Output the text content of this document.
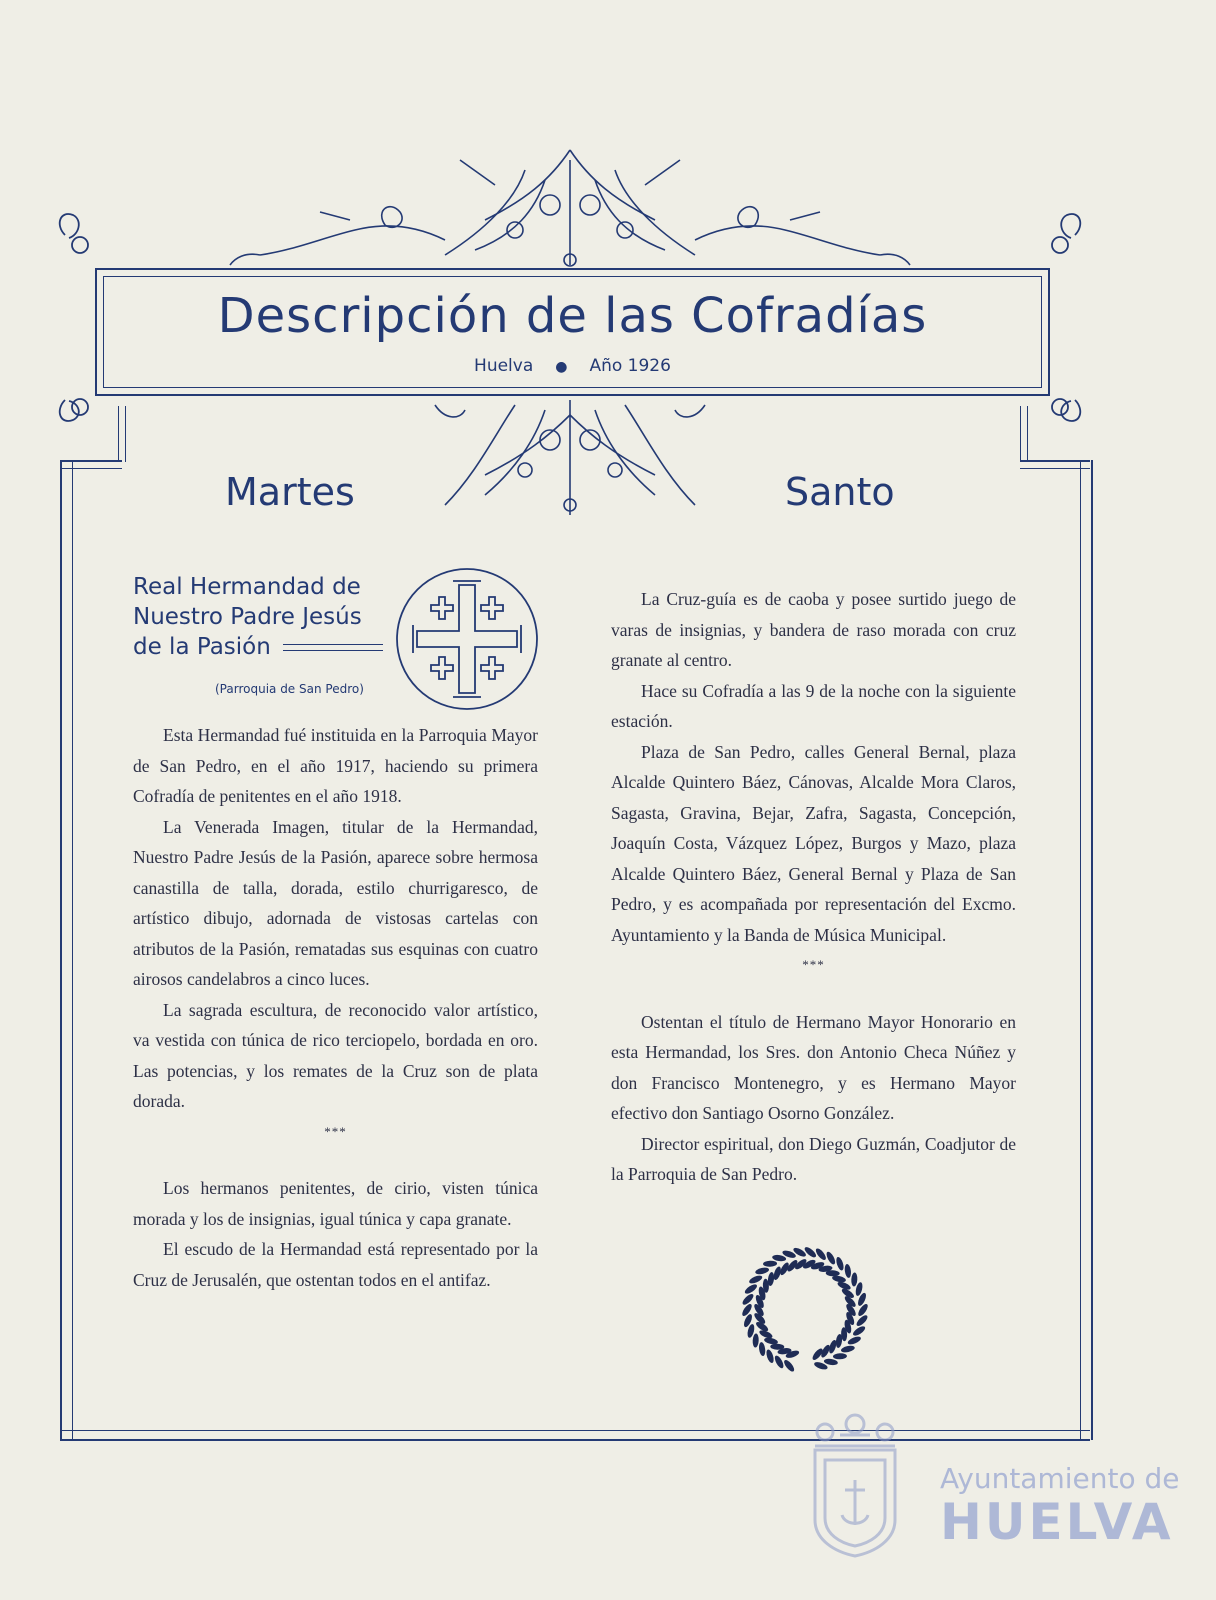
Descripción de las Cofradías
Huelva ● Año 1926
Martes	Santo
Real Hermandad de
Nuestro Padre Jesús
de la Pasión
(Parroquia de San Pedro)

Esta Hermandad fué instituida en la Parroquia Mayor de San Pedro, en el año 1917, haciendo su primera Cofradía de penitentes en el año 1918.

La Venerada Imagen, titular de la Hermandad, Nuestro Padre Jesús de la Pasión, aparece sobre hermosa canastilla de talla, dorada, estilo churrigaresco, de artístico dibujo, adornada de vistosas cartelas con atributos de la Pasión, rematadas sus esquinas con cuatro airosos candelabros a cinco luces.

La sagrada escultura, de reconocido valor artístico, va vestida con túnica de rico terciopelo, bordada en oro. Las potencias, y los remates de la Cruz son de plata dorada.

***

Los hermanos penitentes, de cirio, visten túnica morada y los de insignias, igual túnica y capa granate.

El escudo de la Hermandad está representado por la Cruz de Jerusalén, que ostentan todos en el antifaz.

La Cruz-guía es de caoba y posee surtido juego de varas de insignias, y bandera de raso morada con cruz granate al centro.

Hace su Cofradía a las 9 de la noche con la siguiente estación.

Plaza de San Pedro, calles General Bernal, plaza Alcalde Quintero Báez, Cánovas, Alcalde Mora Claros, Sagasta, Gravina, Bejar, Zafra, Sagasta, Concepción, Joaquín Costa, Vázquez López, Burgos y Mazo, plaza Alcalde Quintero Báez, General Bernal y Plaza de San Pedro, y es acompañada por representación del Excmo. Ayuntamiento y la Banda de Música Municipal.

***

Ostentan el título de Hermano Mayor Honorario en esta Hermandad, los Sres. don Antonio Checa Núñez y don Francisco Montenegro, y es Hermano Mayor efectivo don Santiago Osorno González.

Director espiritual, don Diego Guzmán, Coadjutor de la Parroquia de San Pedro.

Ayuntamiento de
HUELVA
